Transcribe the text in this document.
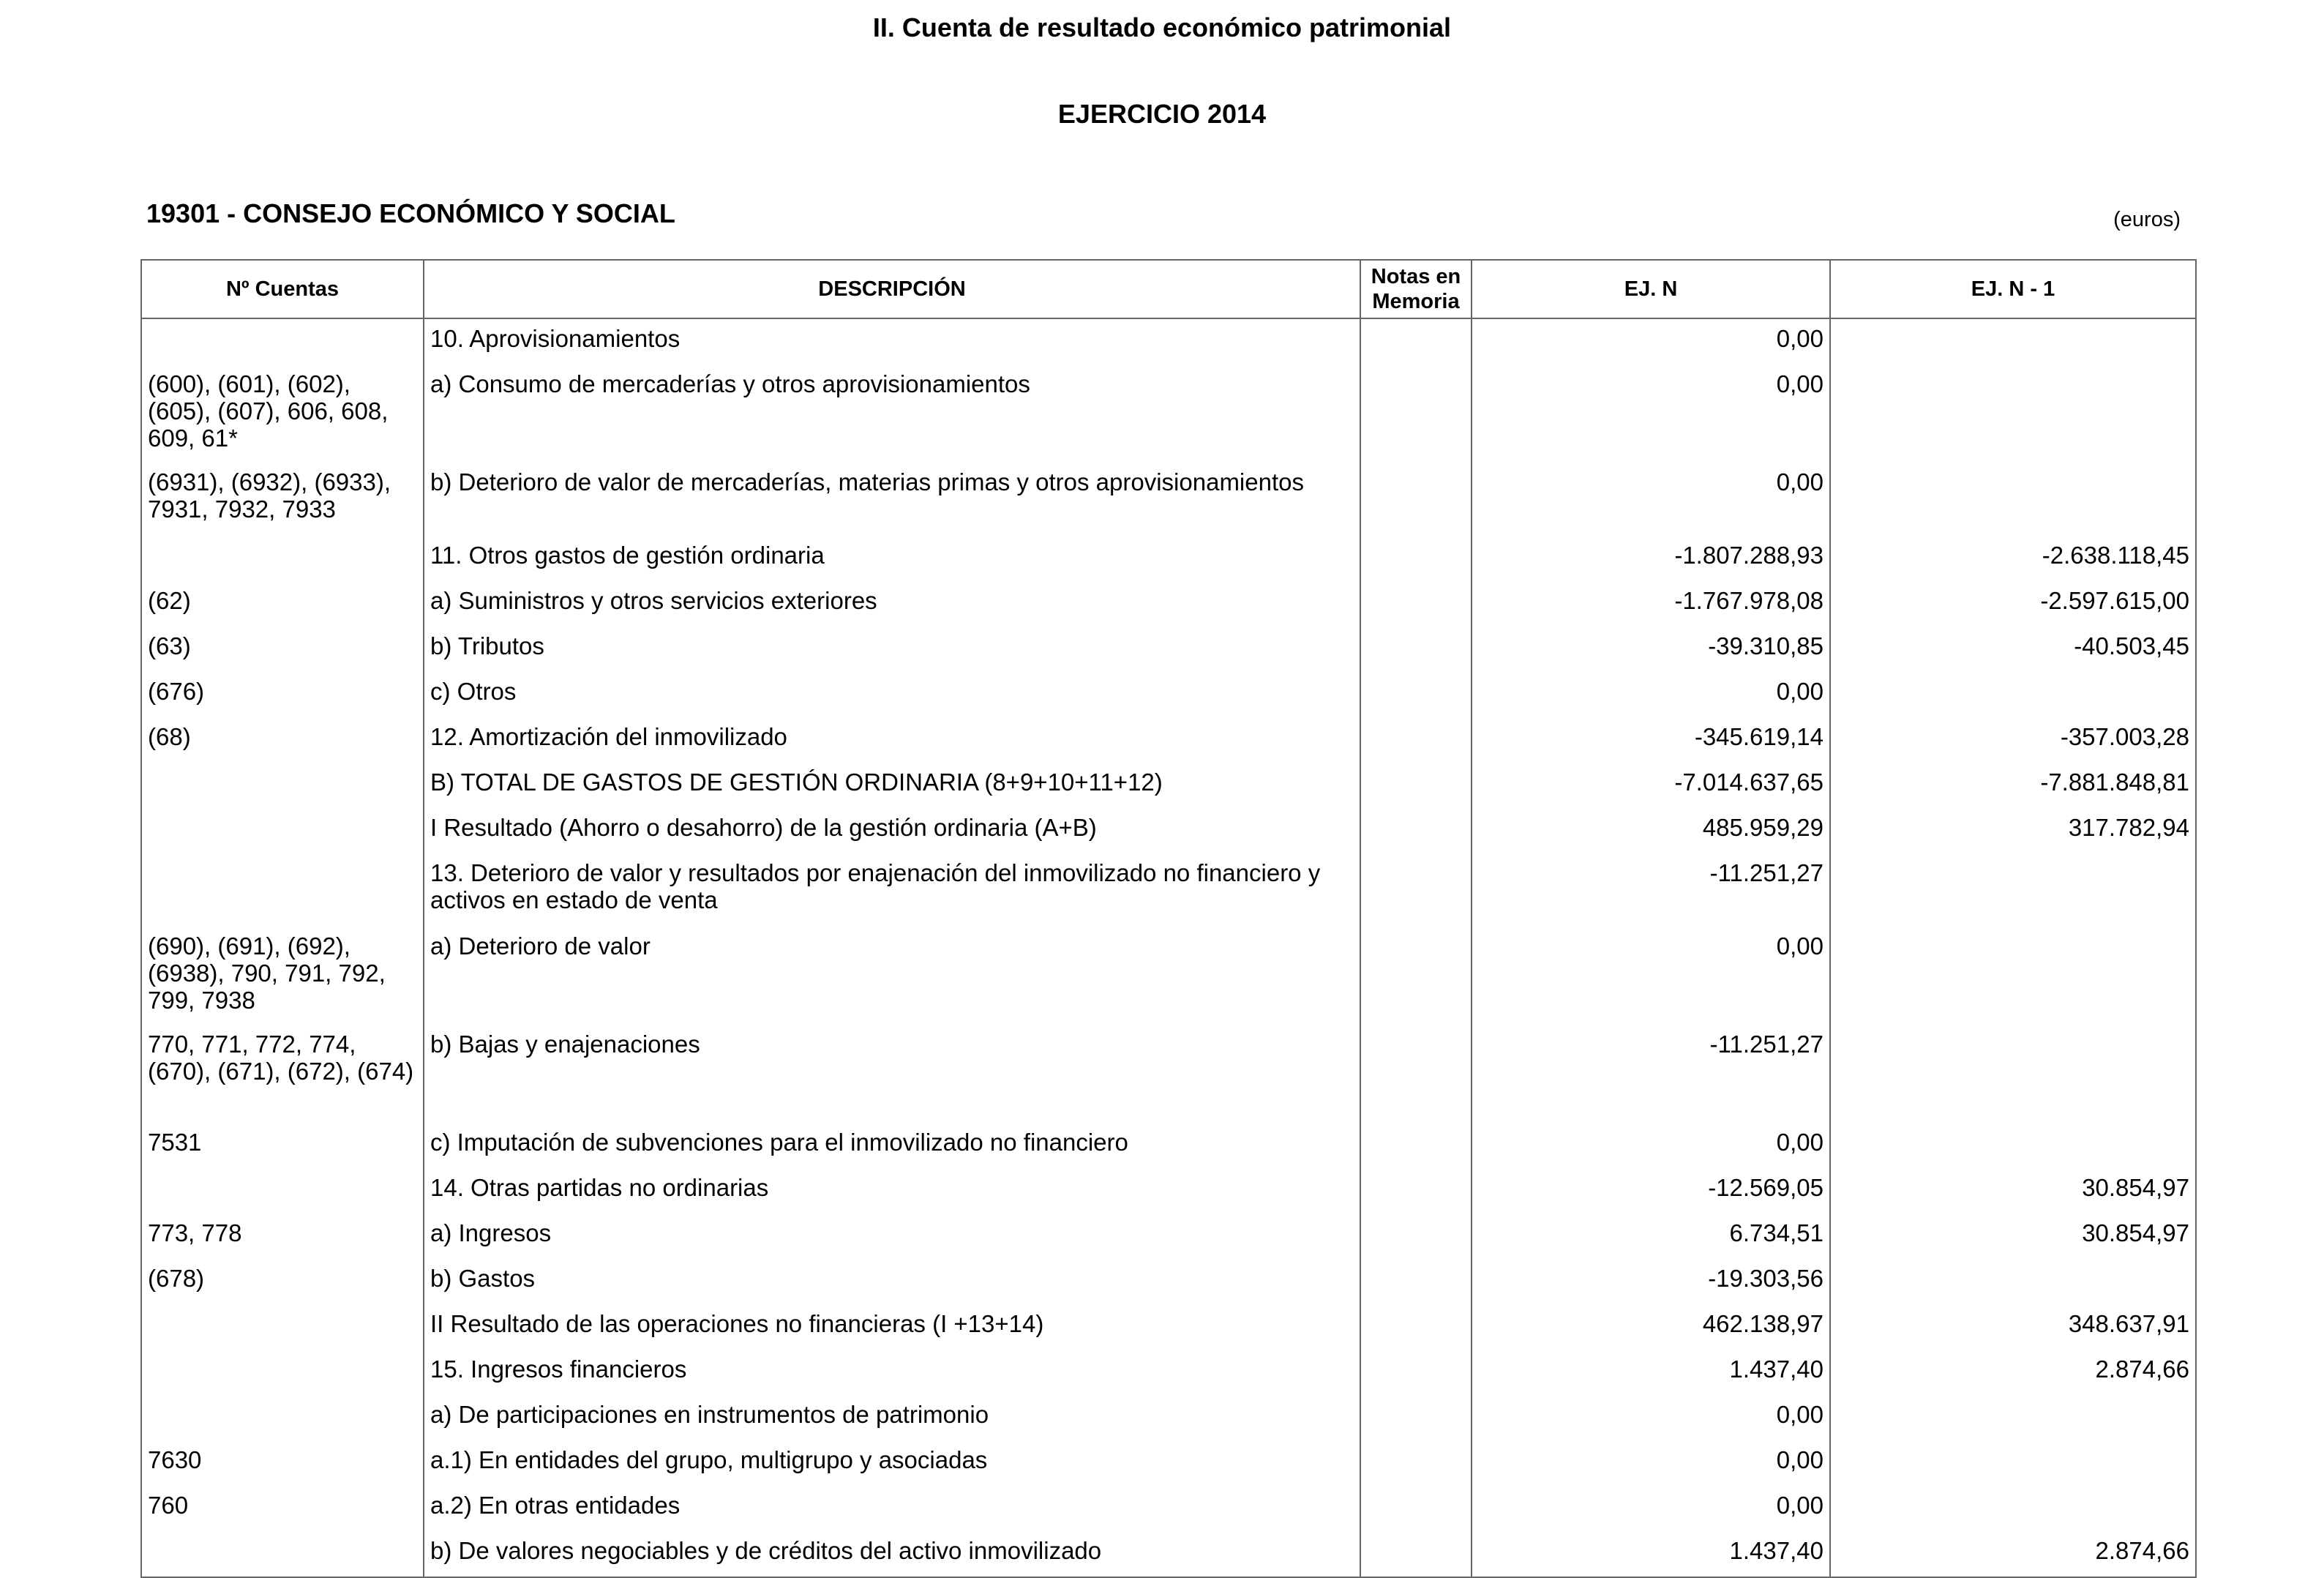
II. Cuenta de resultado económico patrimonial
EJERCICIO 2014
19301 - CONSEJO ECONÓMICO Y SOCIAL	(euros)
Nº Cuentas	DESCRIPCIÓN	Notas en Memoria	EJ. N	EJ. N - 1
	10. Aprovisionamientos		0,00	
(600), (601), (602), (605), (607), 606, 608, 609, 61*	a) Consumo de mercaderías y otros aprovisionamientos		0,00	
(6931), (6932), (6933), 7931, 7932, 7933	b) Deterioro de valor de mercaderías, materias primas y otros aprovisionamientos		0,00	
	11. Otros gastos de gestión ordinaria		-1.807.288,93	-2.638.118,45
(62)	a) Suministros y otros servicios exteriores		-1.767.978,08	-2.597.615,00
(63)	b) Tributos		-39.310,85	-40.503,45
(676)	c) Otros		0,00	
(68)	12. Amortización del inmovilizado		-345.619,14	-357.003,28
	B) TOTAL DE GASTOS DE GESTIÓN ORDINARIA (8+9+10+11+12)		-7.014.637,65	-7.881.848,81
	I Resultado (Ahorro o desahorro) de la gestión ordinaria (A+B)		485.959,29	317.782,94
	13. Deterioro de valor y resultados por enajenación del inmovilizado no financiero y activos en estado de venta		-11.251,27	
(690), (691), (692), (6938), 790, 791, 792, 799, 7938	a) Deterioro de valor		0,00	
770, 771, 772, 774, (670), (671), (672), (674)	b) Bajas y enajenaciones		-11.251,27	
7531	c) Imputación de subvenciones para el inmovilizado no financiero		0,00	
	14. Otras partidas no ordinarias		-12.569,05	30.854,97
773, 778	a) Ingresos		6.734,51	30.854,97
(678)	b) Gastos		-19.303,56	
	II Resultado de las operaciones no financieras (I +13+14)		462.138,97	348.637,91
	15. Ingresos financieros		1.437,40	2.874,66
	a) De participaciones en instrumentos de patrimonio		0,00	
7630	a.1) En entidades del grupo, multigrupo y asociadas		0,00	
760	a.2) En otras entidades		0,00	
	b) De valores negociables y de créditos del activo inmovilizado		1.437,40	2.874,66
